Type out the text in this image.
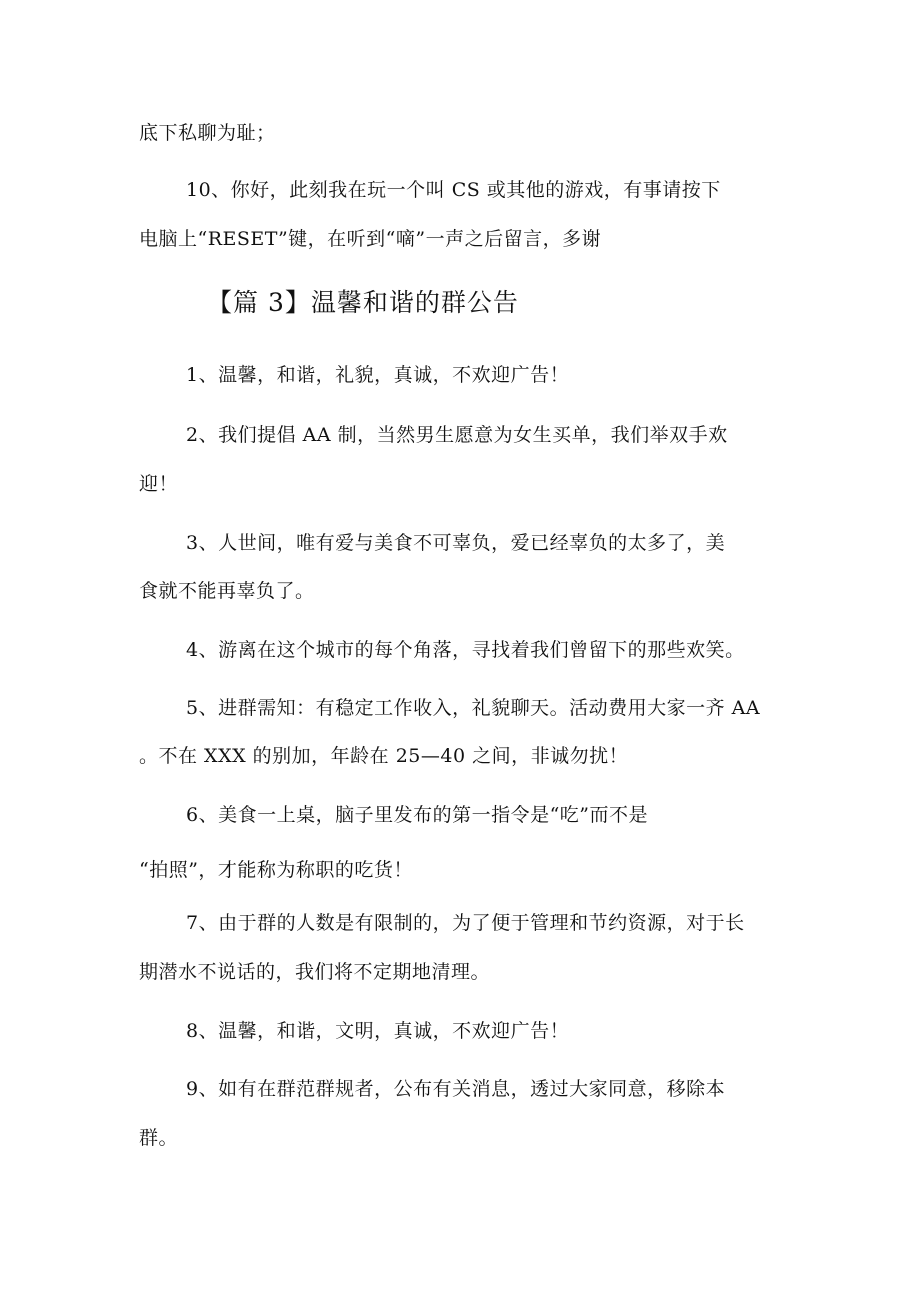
底下私聊为耻；
10、你好，此刻我在玩一个叫 CS 或其他的游戏，有事请按下
电脑上“RESET”键，在听到“嘀”一声之后留言，多谢
【篇 3】温馨和谐的群公告
1、温馨，和谐，礼貌，真诚，不欢迎广告！
2、我们提倡 AA 制，当然男生愿意为女生买单，我们举双手欢
迎！
3、人世间，唯有爱与美食不可辜负，爱已经辜负的太多了，美
食就不能再辜负了。
4、游离在这个城市的每个角落，寻找着我们曾留下的那些欢笑。
5、进群需知：有稳定工作收入，礼貌聊天。活动费用大家一齐 AA
。不在 XXX 的别加，年龄在 25—40 之间，非诚勿扰！
6、美食一上桌，脑子里发布的第一指令是“吃”而不是
“拍照”，才能称为称职的吃货！
7、由于群的人数是有限制的，为了便于管理和节约资源，对于长
期潜水不说话的，我们将不定期地清理。
8、温馨，和谐，文明，真诚，不欢迎广告！
9、如有在群范群规者，公布有关消息，透过大家同意，移除本
群。
